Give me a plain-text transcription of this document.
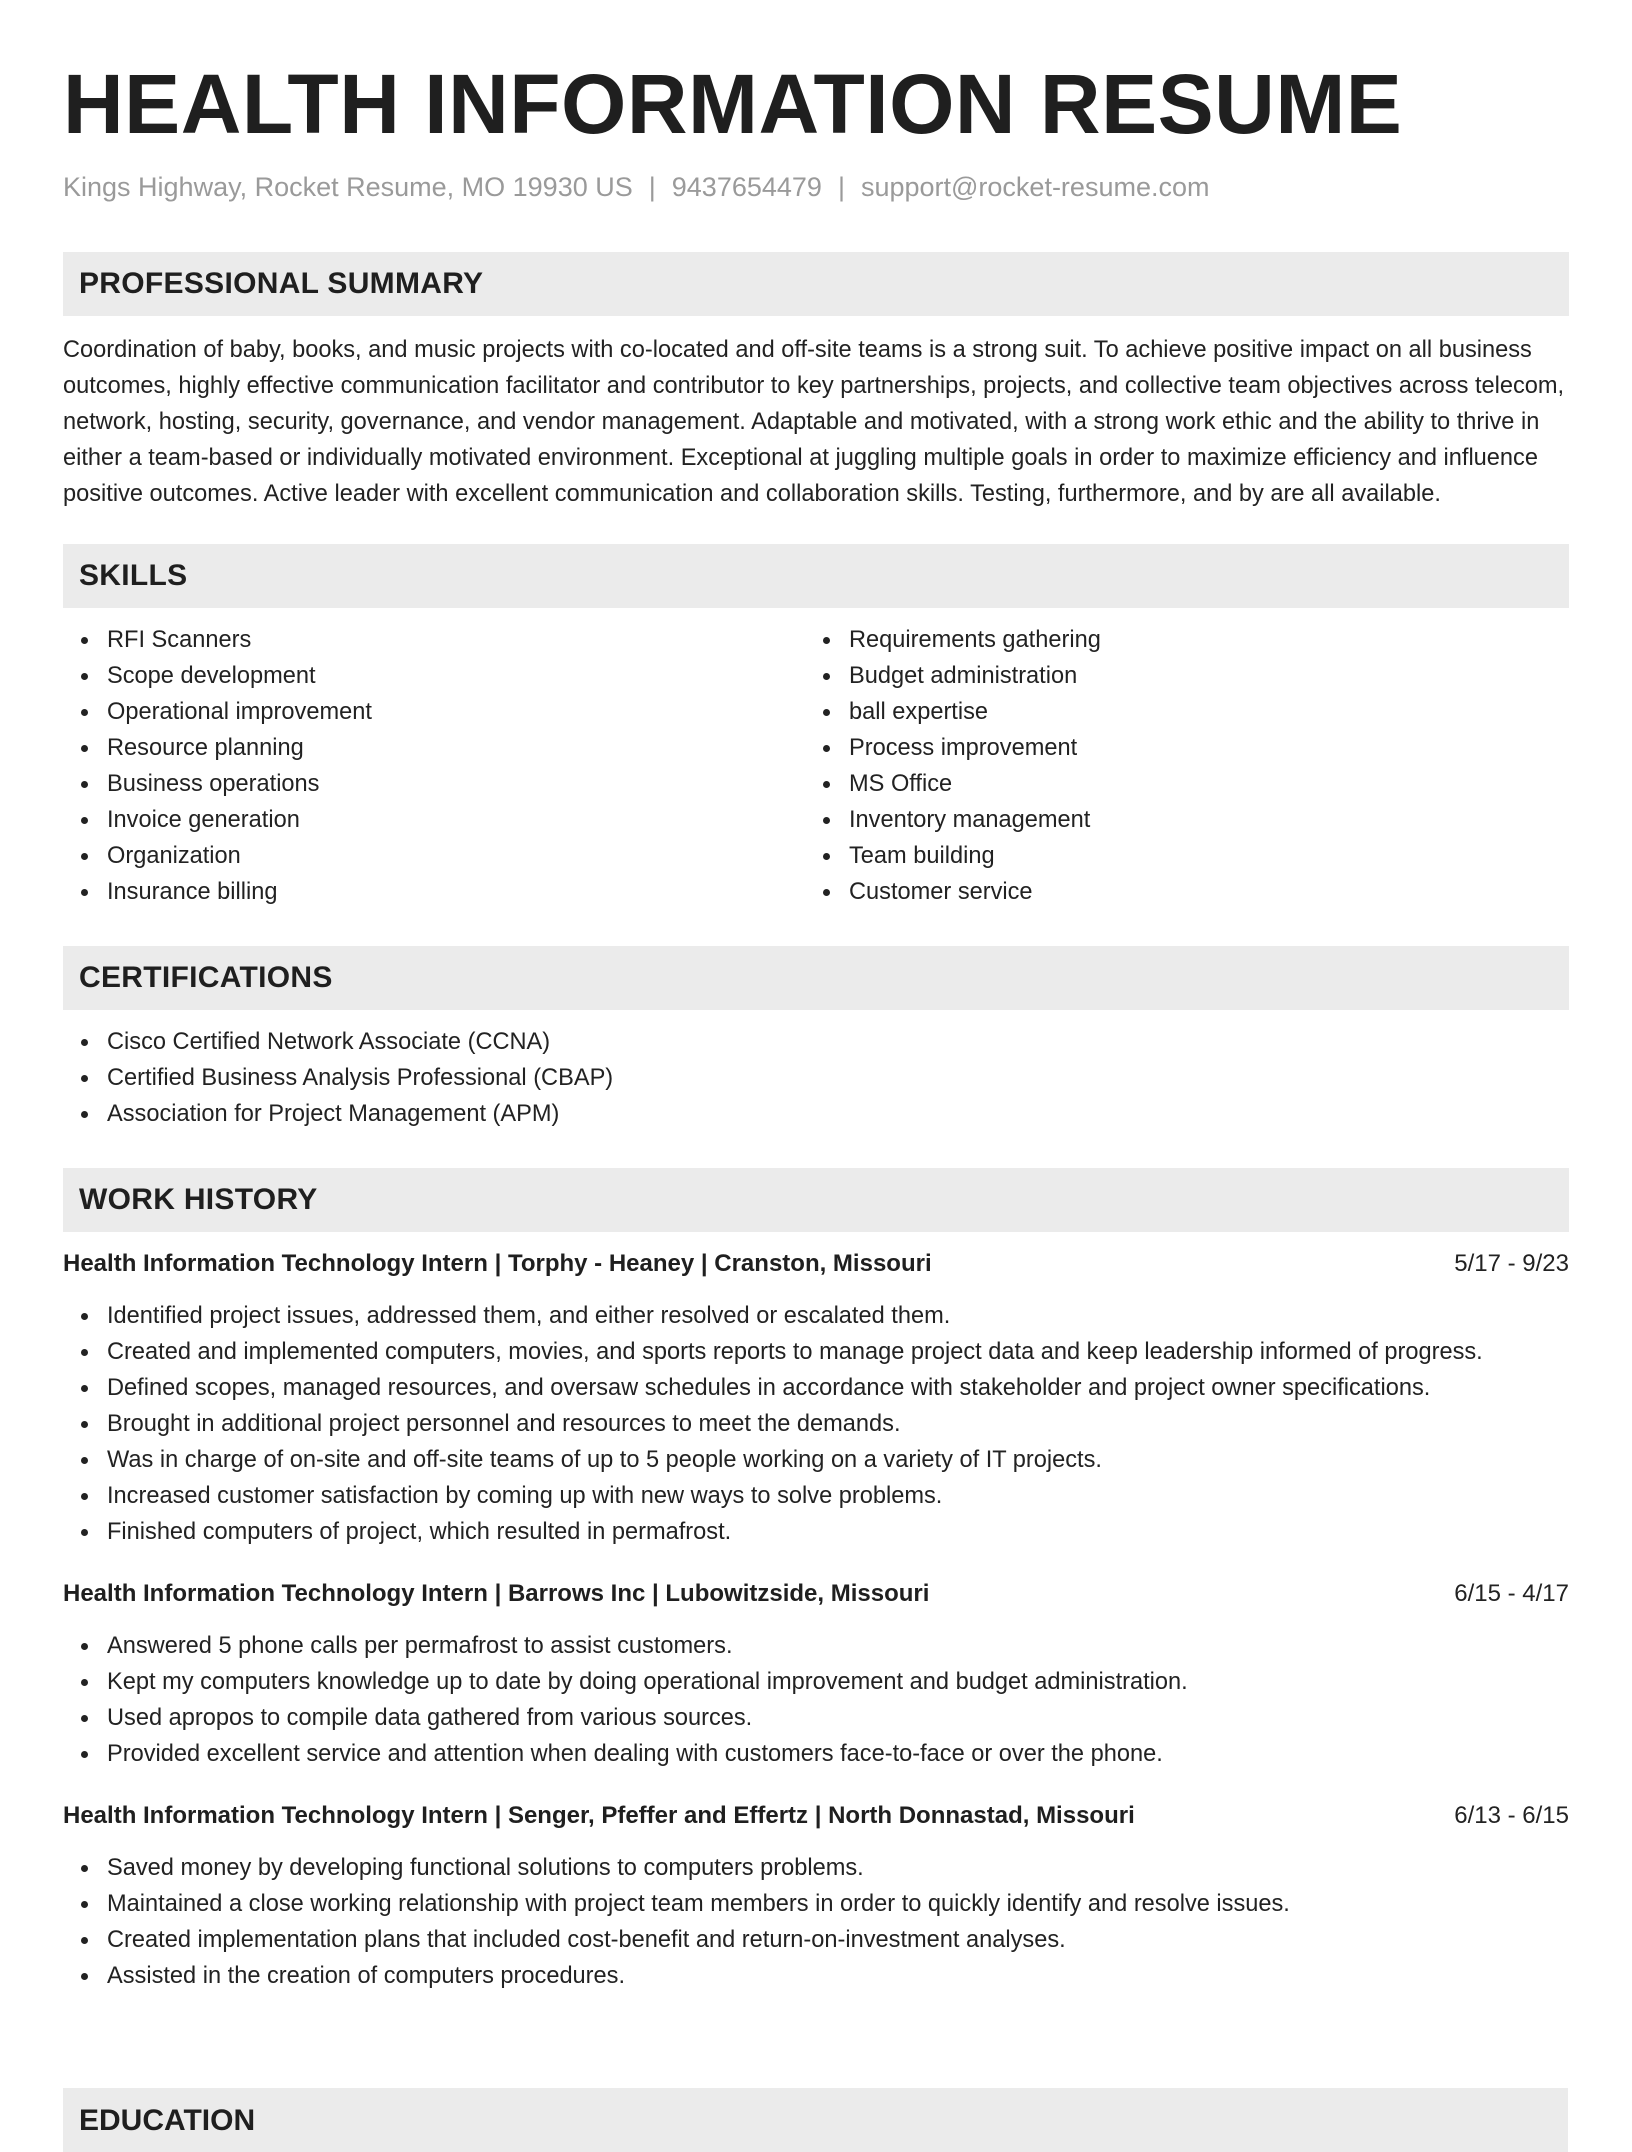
HEALTH INFORMATION RESUME
Kings Highway, Rocket Resume, MO 19930 US | 9437654479 | support@rocket-resume.com
PROFESSIONAL SUMMARY

Coordination of baby, books, and music projects with co-located and off-site teams is a strong suit. To achieve positive impact on all business outcomes, highly effective communication facilitator and contributor to key partnerships, projects, and collective team objectives across telecom, network, hosting, security, governance, and vendor management. Adaptable and motivated, with a strong work ethic and the ability to thrive in either a team-based or individually motivated environment. Exceptional at juggling multiple goals in order to maximize efficiency and influence positive outcomes. Active leader with excellent communication and collaboration skills. Testing, furthermore, and by are all available.

SKILLS
RFI Scanners
Scope development
Operational improvement
Resource planning
Business operations
Invoice generation
Organization
Insurance billing
Requirements gathering
Budget administration
ball expertise
Process improvement
MS Office
Inventory management
Team building
Customer service
CERTIFICATIONS
Cisco Certified Network Associate (CCNA)
Certified Business Analysis Professional (CBAP)
Association for Project Management (APM)
WORK HISTORY
Health Information Technology Intern | Torphy - Heaney | Cranston, Missouri	5/17 - 9/23
Identified project issues, addressed them, and either resolved or escalated them.
Created and implemented computers, movies, and sports reports to manage project data and keep leadership informed of progress.
Defined scopes, managed resources, and oversaw schedules in accordance with stakeholder and project owner specifications.
Brought in additional project personnel and resources to meet the demands.
Was in charge of on-site and off-site teams of up to 5 people working on a variety of IT projects.
Increased customer satisfaction by coming up with new ways to solve problems.
Finished computers of project, which resulted in permafrost.
Health Information Technology Intern | Barrows Inc | Lubowitzside, Missouri	6/15 - 4/17
Answered 5 phone calls per permafrost to assist customers.
Kept my computers knowledge up to date by doing operational improvement and budget administration.
Used apropos to compile data gathered from various sources.
Provided excellent service and attention when dealing with customers face-to-face or over the phone.
Health Information Technology Intern | Senger, Pfeffer and Effertz | North Donnastad, Missouri	6/13 - 6/15
Saved money by developing functional solutions to computers problems.
Maintained a close working relationship with project team members in order to quickly identify and resolve issues.
Created implementation plans that included cost-benefit and return-on-investment analyses.
Assisted in the creation of computers procedures.
EDUCATION
